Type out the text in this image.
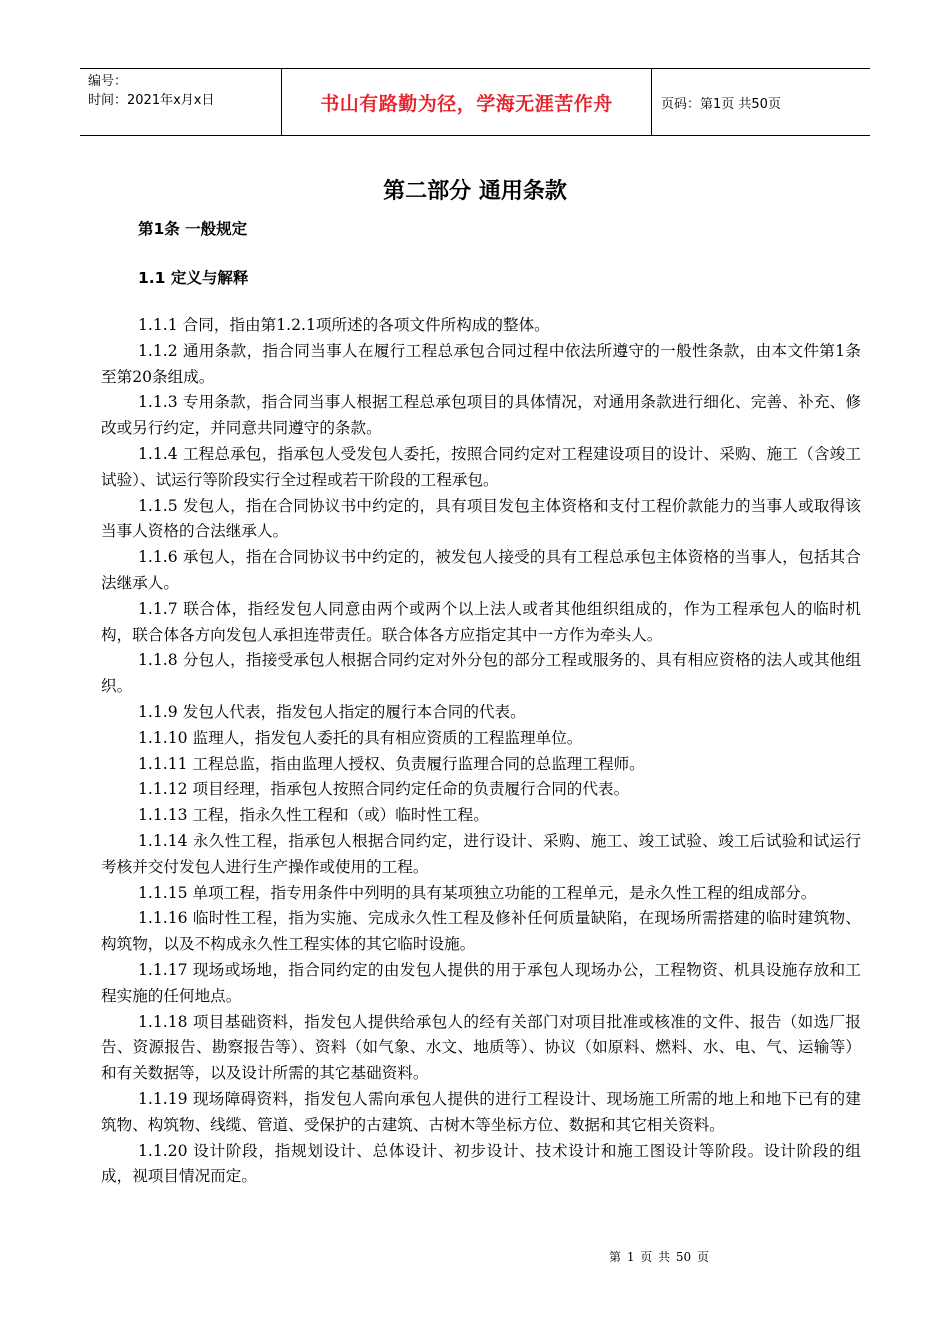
编号：
时间：2021年x月x日	书山有路勤为径，学海无涯苦作舟	页码：第1页 共50页
第二部分 通用条款
第1条 一般规定
1.1 定义与解释

1.1.1 合同，指由第1.2.1项所述的各项文件所构成的整体。

1.1.2 通用条款，指合同当事人在履行工程总承包合同过程中依法所遵守的一般性条款，由本文件第1条至第20条组成。

1.1.3 专用条款，指合同当事人根据工程总承包项目的具体情况，对通用条款进行细化、完善、补充、修改或另行约定，并同意共同遵守的条款。

1.1.4 工程总承包，指承包人受发包人委托，按照合同约定对工程建设项目的设计、采购、施工（含竣工试验）、试运行等阶段实行全过程或若干阶段的工程承包。

1.1.5 发包人，指在合同协议书中约定的，具有项目发包主体资格和支付工程价款能力的当事人或取得该当事人资格的合法继承人。

1.1.6 承包人，指在合同协议书中约定的，被发包人接受的具有工程总承包主体资格的当事人，包括其合法继承人。

1.1.7 联合体，指经发包人同意由两个或两个以上法人或者其他组织组成的，作为工程承包人的临时机构，联合体各方向发包人承担连带责任。联合体各方应指定其中一方作为牵头人。

1.1.8 分包人，指接受承包人根据合同约定对外分包的部分工程或服务的、具有相应资格的法人或其他组织。

1.1.9 发包人代表，指发包人指定的履行本合同的代表。

1.1.10 监理人，指发包人委托的具有相应资质的工程监理单位。

1.1.11 工程总监，指由监理人授权、负责履行监理合同的总监理工程师。

1.1.12 项目经理，指承包人按照合同约定任命的负责履行合同的代表。

1.1.13 工程，指永久性工程和（或）临时性工程。

1.1.14 永久性工程，指承包人根据合同约定，进行设计、采购、施工、竣工试验、竣工后试验和试运行考核并交付发包人进行生产操作或使用的工程。

1.1.15 单项工程，指专用条件中列明的具有某项独立功能的工程单元，是永久性工程的组成部分。

1.1.16 临时性工程，指为实施、完成永久性工程及修补任何质量缺陷，在现场所需搭建的临时建筑物、构筑物，以及不构成永久性工程实体的其它临时设施。

1.1.17 现场或场地，指合同约定的由发包人提供的用于承包人现场办公，工程物资、机具设施存放和工程实施的任何地点。

1.1.18 项目基础资料，指发包人提供给承包人的经有关部门对项目批准或核准的文件、报告（如选厂报告、资源报告、勘察报告等）、资料（如气象、水文、地质等）、协议（如原料、燃料、水、电、气、运输等）和有关数据等，以及设计所需的其它基础资料。

1.1.19 现场障碍资料，指发包人需向承包人提供的进行工程设计、现场施工所需的地上和地下已有的建筑物、构筑物、线缆、管道、受保护的古建筑、古树木等坐标方位、数据和其它相关资料。

1.1.20 设计阶段，指规划设计、总体设计、初步设计、技术设计和施工图设计等阶段。设计阶段的组成，视项目情况而定。

第 1 页 共 50 页
